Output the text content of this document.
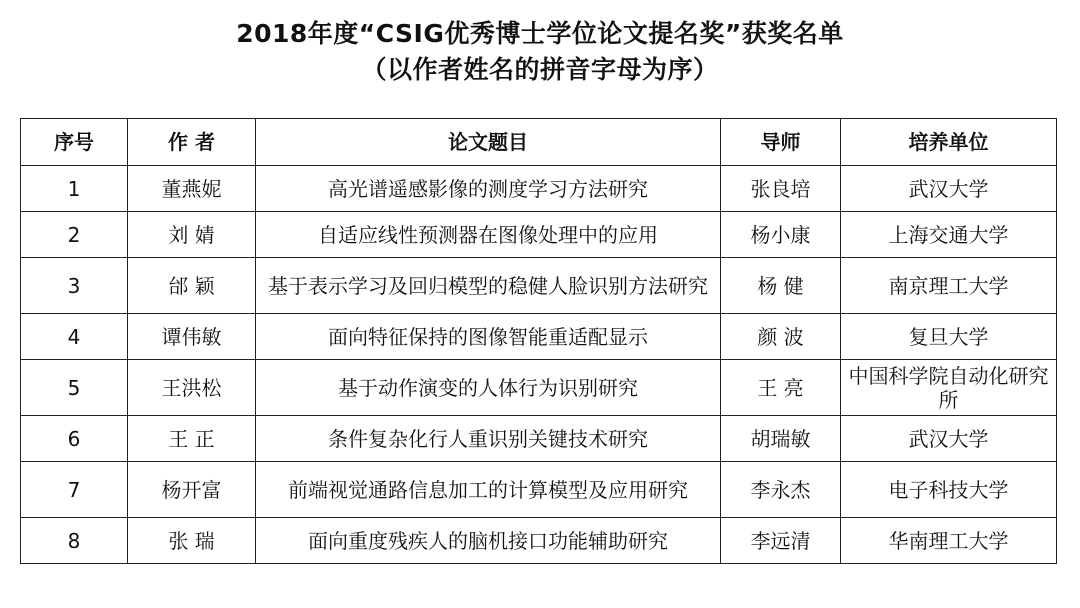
2018年度“CSIG优秀博士学位论文提名奖”获奖名单
（以作者姓名的拼音字母为序）
序号	作 者	论文题目	导师	培养单位
1	董燕妮	高光谱遥感影像的测度学习方法研究	张良培	武汉大学
2	刘 婧	自适应线性预测器在图像处理中的应用	杨小康	上海交通大学
3	邰 颖	基于表示学习及回归模型的稳健人脸识别方法研究	杨 健	南京理工大学
4	谭伟敏	面向特征保持的图像智能重适配显示	颜 波	复旦大学
5	王洪松	基于动作演变的人体行为识别研究	王 亮	中国科学院自动化研究所
6	王 正	条件复杂化行人重识别关键技术研究	胡瑞敏	武汉大学
7	杨开富	前端视觉通路信息加工的计算模型及应用研究	李永杰	电子科技大学
8	张 瑞	面向重度残疾人的脑机接口功能辅助研究	李远清	华南理工大学
